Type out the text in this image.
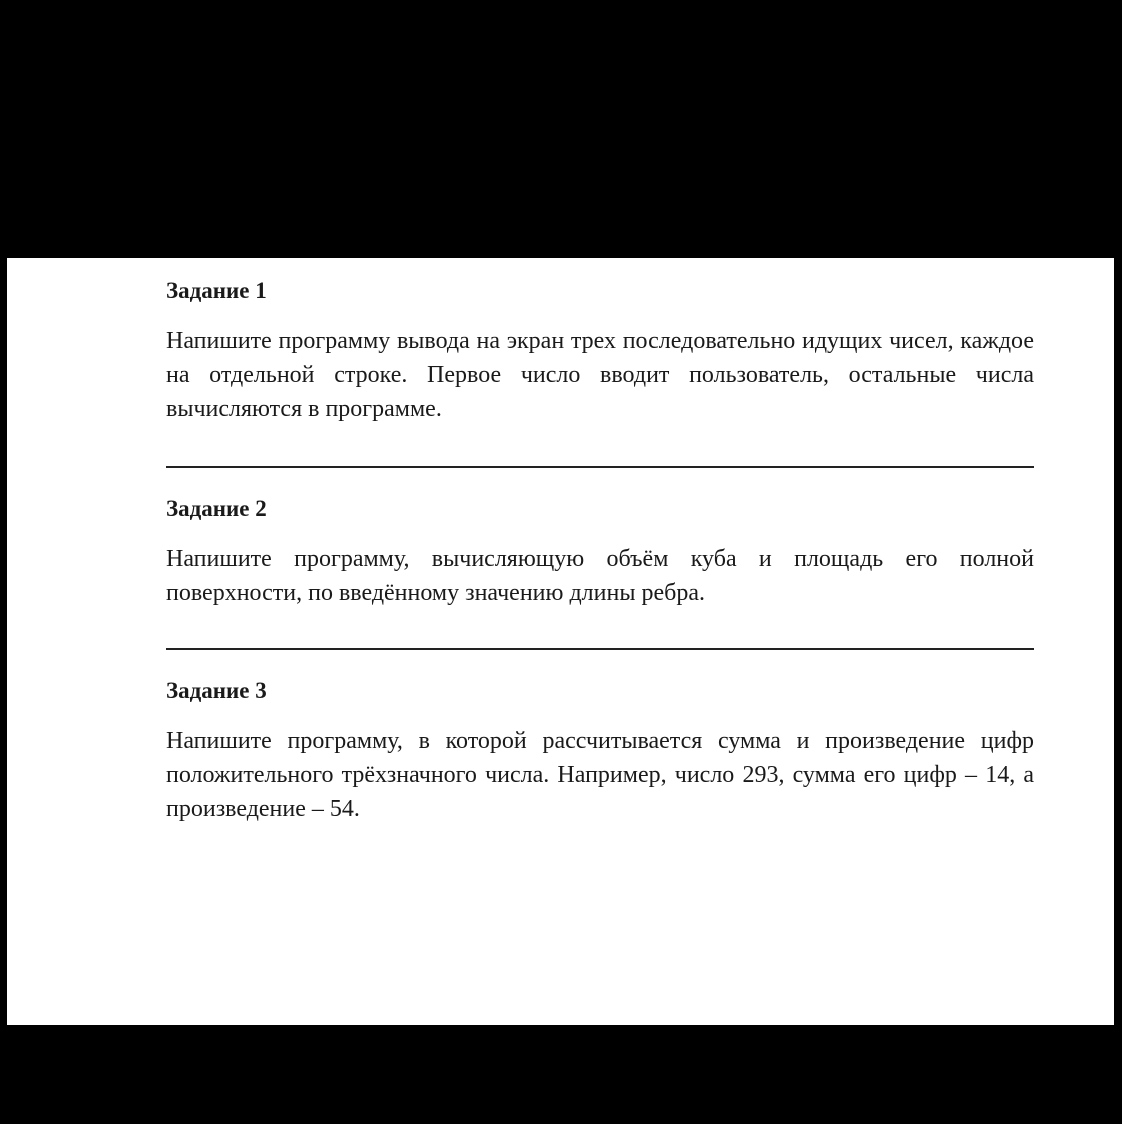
Задание 1

Напишите программу вывода на экран трех последовательно идущих чисел, каждое на отдельной строке. Первое число вводит пользователь, остальные числа вычисляются в программе.

Задание 2

Напишите программу, вычисляющую объём куба и площадь его полной поверхности, по введённому значению длины ребра.

Задание 3

Напишите программу, в которой рассчитывается сумма и произведение цифр положительного трёхзначного числа. Например, число 293, сумма его цифр – 14, а произведение – 54.
